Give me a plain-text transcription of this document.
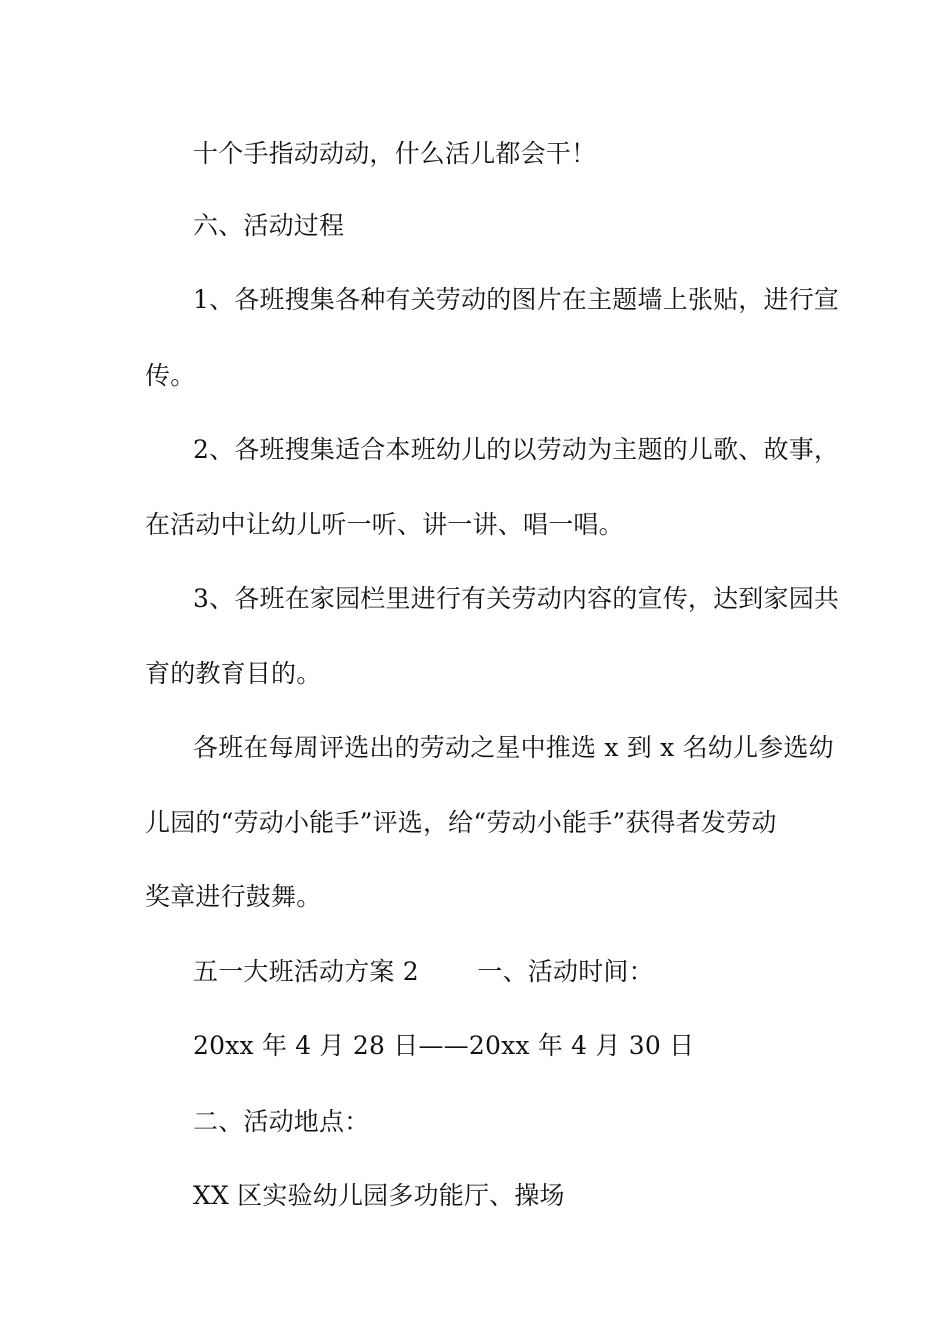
十个手指动动动，什么活儿都会干！
六、活动过程
1、各班搜集各种有关劳动的图片在主题墙上张贴，进行宣
传。
2、各班搜集适合本班幼儿的以劳动为主题的儿歌、故事，
在活动中让幼儿听一听、讲一讲、唱一唱。
3、各班在家园栏里进行有关劳动内容的宣传，达到家园共
育的教育目的。
各班在每周评选出的劳动之星中推选 x 到 x 名幼儿参选幼
儿园的“劳动小能手”评选，给“劳动小能手”获得者发劳动
奖章进行鼓舞。
五一大班活动方案 2　　 一、活动时间：
20xx 年 4 月 28 日——20xx 年 4 月 30 日
二、活动地点：
XX 区实验幼儿园多功能厅、操场
